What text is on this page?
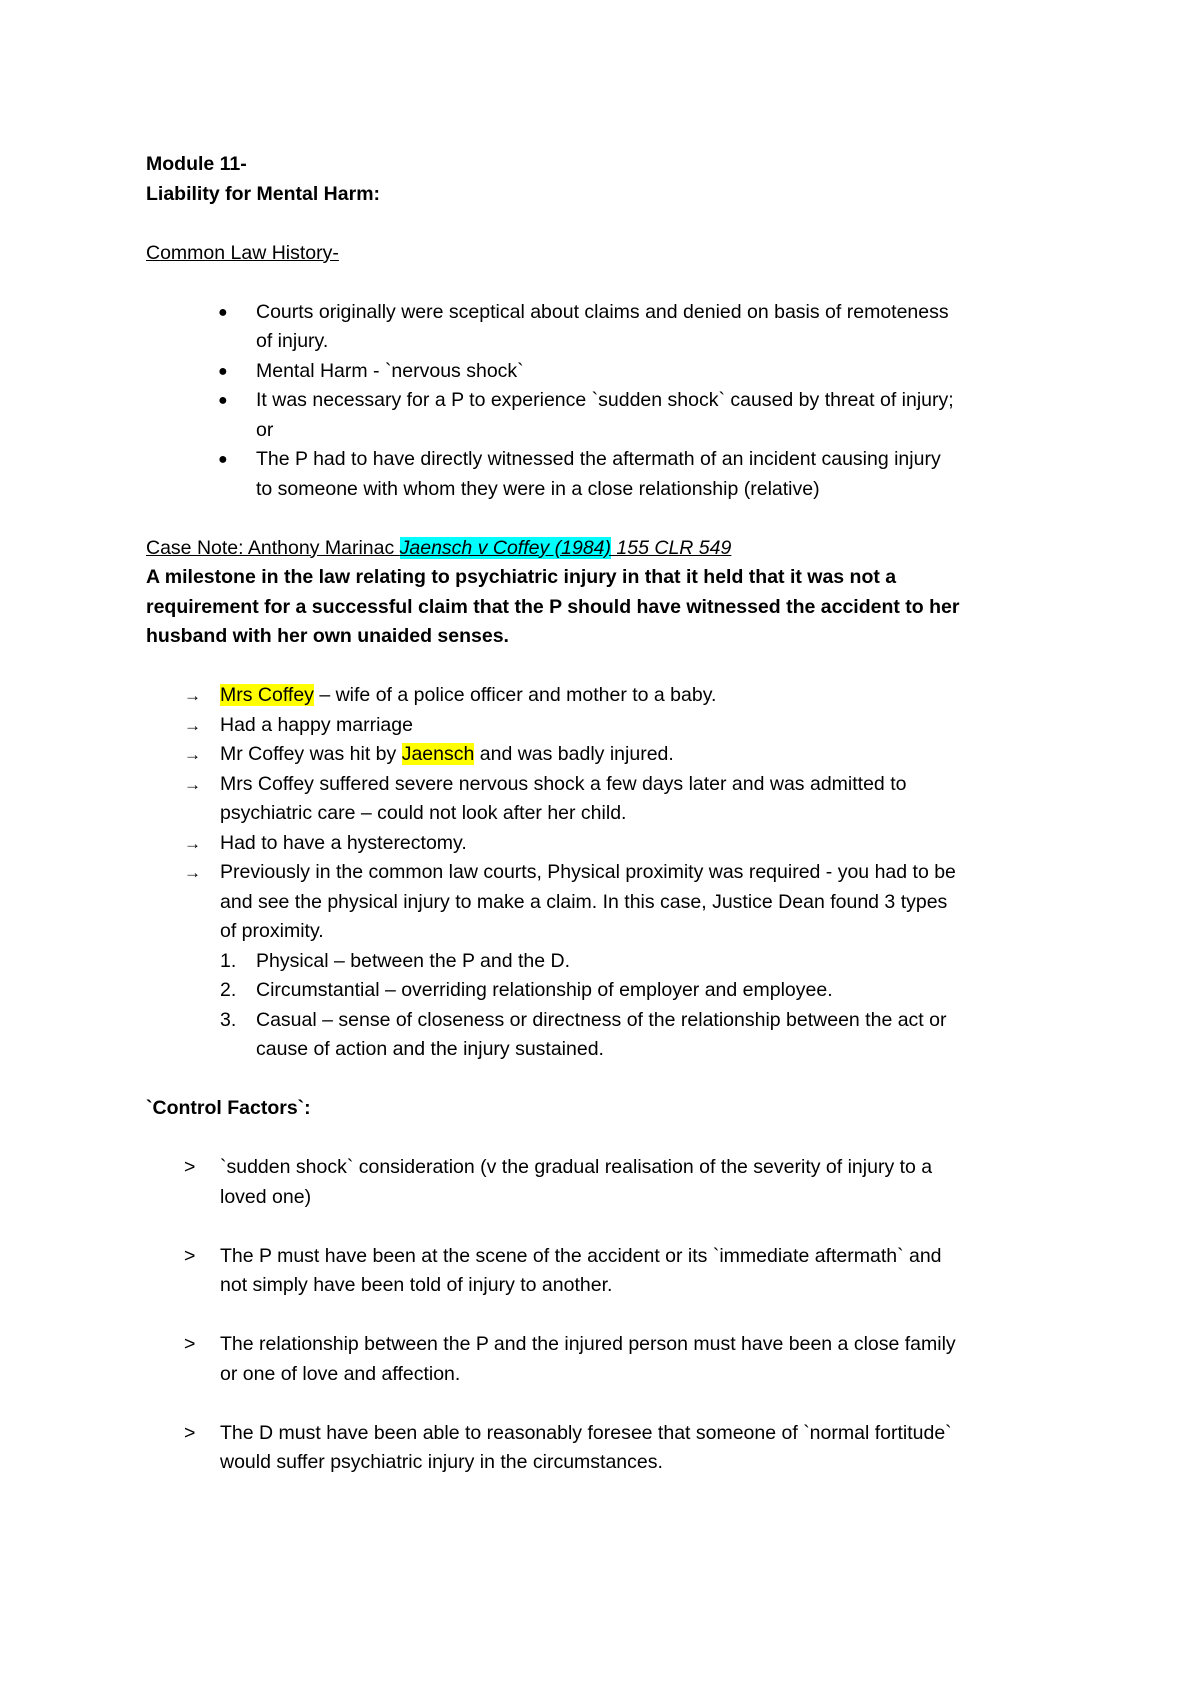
Module 11-
Liability for Mental Harm:
Common Law History-
● Courts originally were sceptical about claims and denied on basis of remoteness
of injury.
● Mental Harm - `nervous shock`
● It was necessary for a P to experience `sudden shock` caused by threat of injury;
or
● The P had to have directly witnessed the aftermath of an incident causing injury
to someone with whom they were in a close relationship (relative)
Case Note: Anthony Marinac Jaensch v Coffey (1984) 155 CLR 549
A milestone in the law relating to psychiatric injury in that it held that it was not a
requirement for a successful claim that the P should have witnessed the accident to her
husband with her own unaided senses.
→ Mrs Coffey – wife of a police officer and mother to a baby.
→ Had a happy marriage
→ Mr Coffey was hit by Jaensch and was badly injured.
→ Mrs Coffey suffered severe nervous shock a few days later and was admitted to
psychiatric care – could not look after her child.
→ Had to have a hysterectomy.
→ Previously in the common law courts, Physical proximity was required - you had to be
and see the physical injury to make a claim. In this case, Justice Dean found 3 types
of proximity.
1. Physical – between the P and the D.
2. Circumstantial – overriding relationship of employer and employee.
3. Casual – sense of closeness or directness of the relationship between the act or
cause of action and the injury sustained.
`Control Factors`:
> `sudden shock` consideration (v the gradual realisation of the severity of injury to a
loved one)
> The P must have been at the scene of the accident or its `immediate aftermath` and
not simply have been told of injury to another.
> The relationship between the P and the injured person must have been a close family
or one of love and affection.
> The D must have been able to reasonably foresee that someone of `normal fortitude`
would suffer psychiatric injury in the circumstances.
